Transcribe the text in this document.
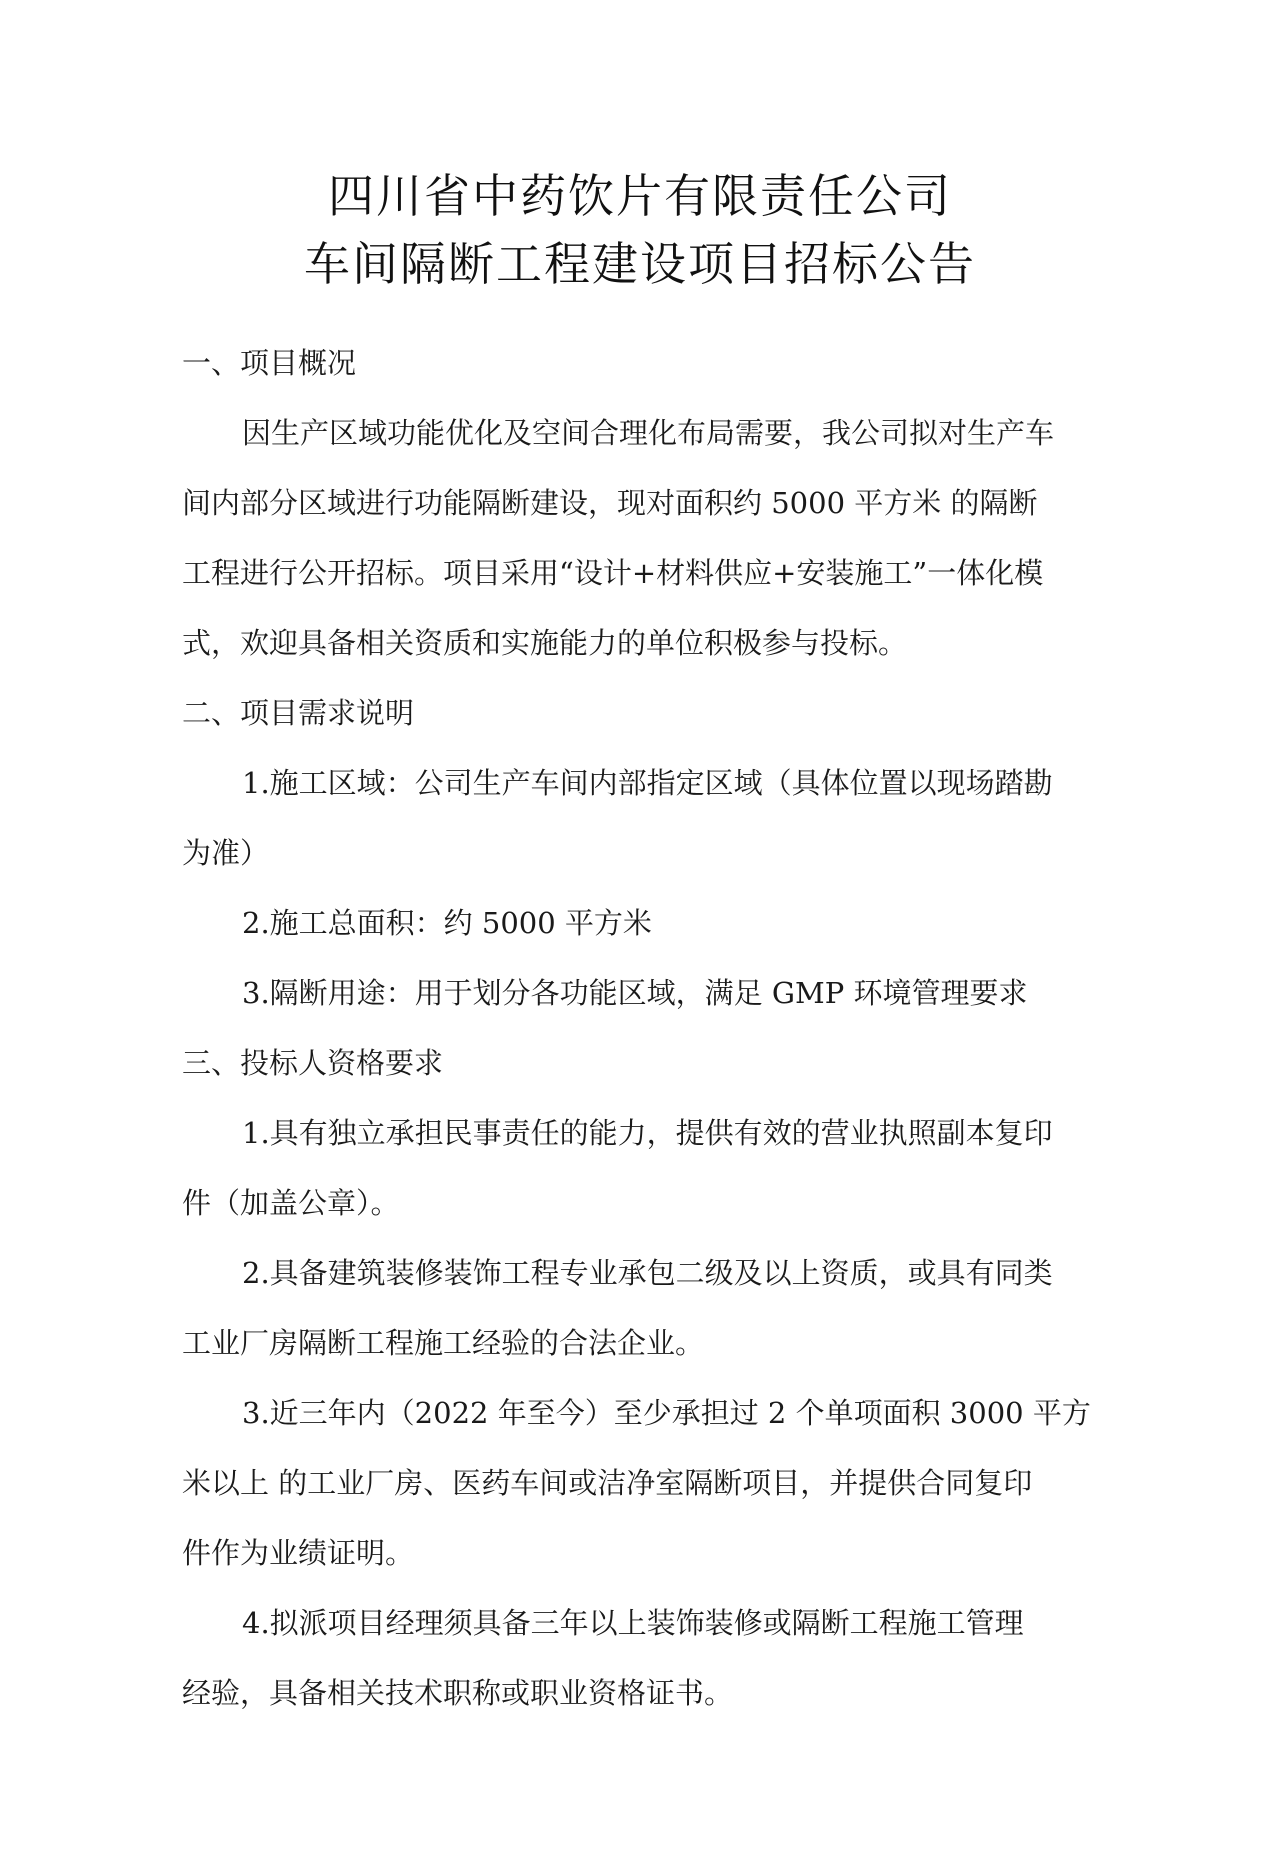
四川省中药饮片有限责任公司
车间隔断工程建设项目招标公告
一、项目概况
因生产区域功能优化及空间合理化布局需要，我公司拟对生产车
间内部分区域进行功能隔断建设，现对面积约 5000 平方米 的隔断
工程进行公开招标。项目采用“设计+材料供应+安装施工”一体化模
式，欢迎具备相关资质和实施能力的单位积极参与投标。
二、项目需求说明
1.施工区域：公司生产车间内部指定区域（具体位置以现场踏勘
为准）
2.施工总面积：约 5000 平方米
3.隔断用途：用于划分各功能区域，满足 GMP 环境管理要求
三、投标人资格要求
1.具有独立承担民事责任的能力，提供有效的营业执照副本复印
件（加盖公章）。
2.具备建筑装修装饰工程专业承包二级及以上资质，或具有同类
工业厂房隔断工程施工经验的合法企业。
3.近三年内（2022 年至今）至少承担过 2 个单项面积 3000 平方
米以上 的工业厂房、医药车间或洁净室隔断项目，并提供合同复印
件作为业绩证明。
4.拟派项目经理须具备三年以上装饰装修或隔断工程施工管理
经验，具备相关技术职称或职业资格证书。
